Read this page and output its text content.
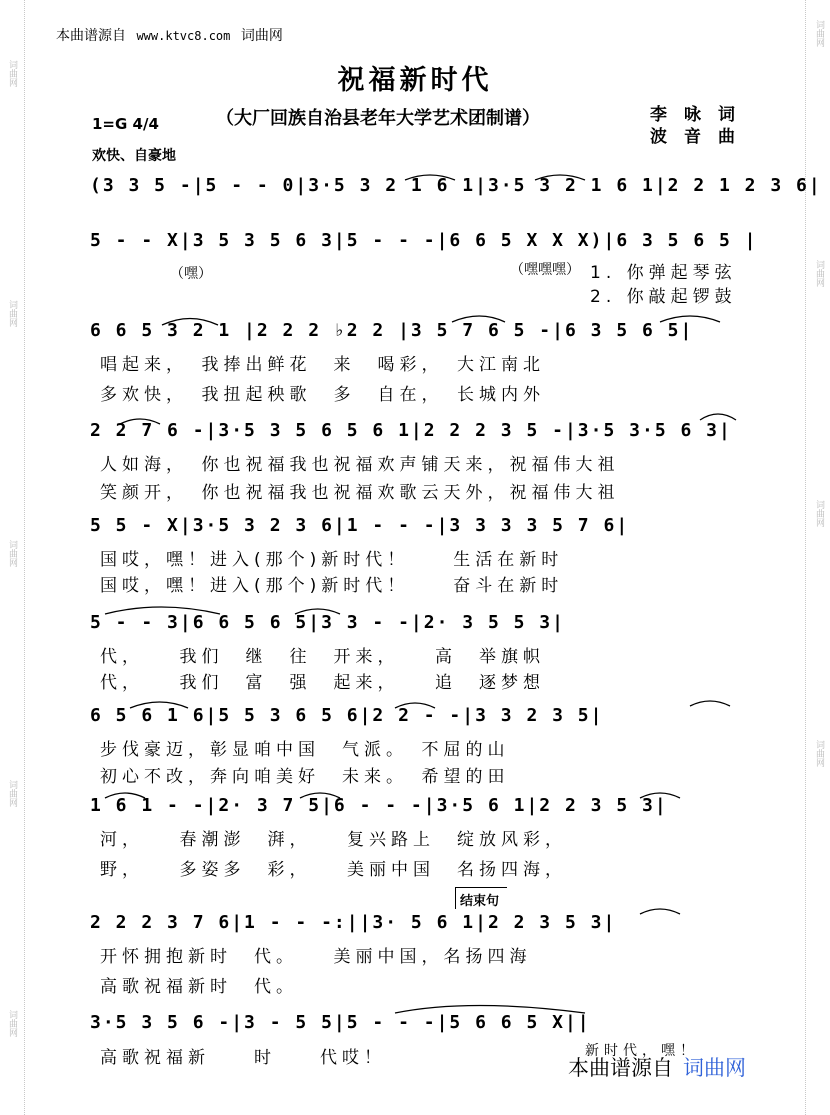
词曲网
词曲网
词曲网
词曲网
词曲网
词曲网
词曲网
词曲网
词曲网
本曲谱源自 www.ktvc8.com 词曲网
祝福新时代
（大厂回族自治县老年大学艺术团制谱）	李　咏　词
波　音　曲
1=G 4/4
欢快、自豪地
(3 3 5 -|5 - - 0|3·5 3 2 1 6 1|3·5 3 2 1 6 1|2 2 1 2 3 6|
5 - - X|3 5 3 5 6 3|5 - - -|6 6 5 X X X)|6 3 5 6 5 |
（嘿）	（嘿嘿嘿） 1. 你弹起琴弦
2. 你敲起锣鼓
6 6 5 3 2 1 |2 2 2 ♭2 2 |3 5 7 6 5 -|6 3 5 6 5|
唱起来，　我捧出鲜花　来　喝彩，　大江南北
多欢快，　我扭起秧歌　多　自在，　长城内外
2 2 7 6 -|3·5 3 5 6 5 6 1|2 2 2 3 5 -|3·5 3·5 6 3|
人如海，　你也祝福我也祝福欢声铺天来，祝福伟大祖
笑颜开，　你也祝福我也祝福欢歌云天外，祝福伟大祖
5 5 - X|3·5 3 2 3 6|1 - - -|3 3 3 3 5 7 6|
国哎，嘿！进入(那个)新时代！　　生活在新时
国哎，嘿！进入(那个)新时代！　　奋斗在新时
5 - - 3|6 6 5 6 5|3 3 - -|2· 3 5 5 3|
代，　　我们　继　往　开来，　　高　举旗帜
代，　　我们　富　强　起来，　　追　逐梦想
6 5 6 1 6|5 5 3 6 5 6|2 2 - -|3 3 2 3 5|
步伐豪迈，彰显咱中国　气派。　不屈的山
初心不改，奔向咱美好　未来。　希望的田
1 6 1 - -|2· 3 7 5|6 - - -|3·5 6 1|2 2 3 5 3|
河，　　春潮澎　湃，　　复兴路上　绽放风彩，
野，　　多姿多　彩，　　美丽中国　名扬四海，
结束句
2 2 2 3 7 6|1 - - -:||3· 5 6 1|2 2 3 5 3|
开怀拥抱新时　代。　　美丽中国，名扬四海
高歌祝福新时　代。
3·5 3 5 6 -|3 - 5 5|5 - - -|5 6 6 5 X||
高歌祝福新　　时　　代哎！	新时代，嘿！
本曲谱源自 词曲网
